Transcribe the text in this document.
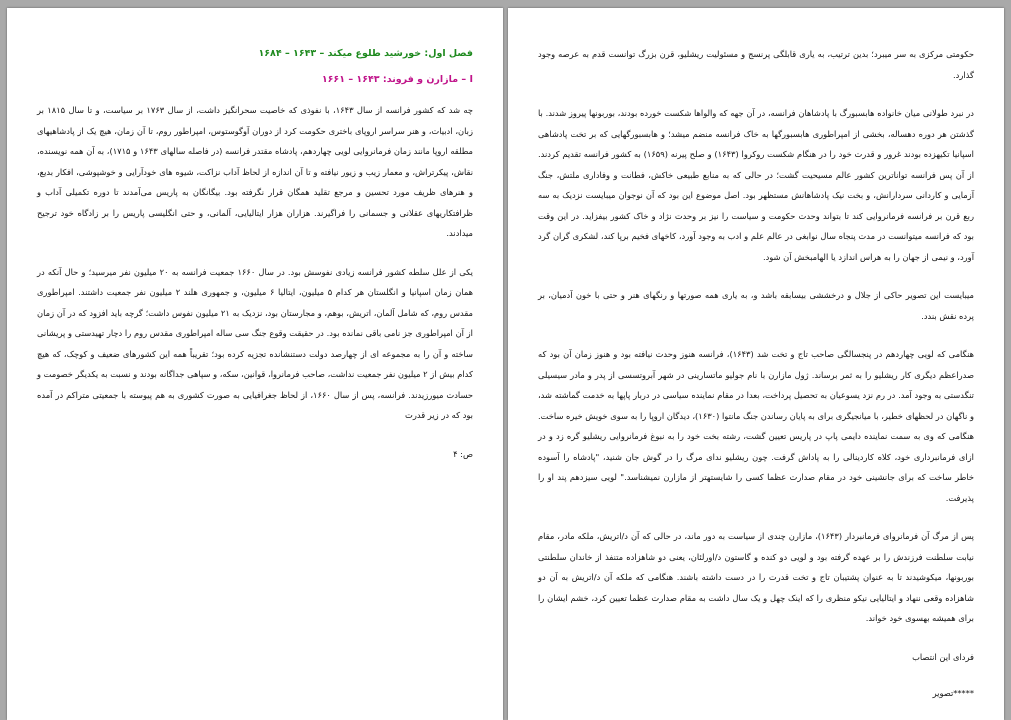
فصل اول: خورشید طلوع میکند – ۱۶۴۳ – ۱۶۸۴

I – مازارن و فروند: ۱۶۴۳ – ۱۶۶۱

چه شد که کشور فرانسه از سال ۱۶۴۳، با نفوذی که خاصیت سحرانگیز داشت، از سال ۱۷۶۳ بر سیاست، و تا سال ۱۸۱۵ بر زبان، ادبیات، و هنر سراسر اروپای باختری حکومت کرد از دوران آوگوستوس، امپراطور روم، تا آن زمان، هیچ یک از پادشاهیهای مطلقه اروپا مانند زمان فرمانروایی لویی چهاردهم، پادشاه مقتدر فرانسه (در فاصله سالهای ۱۶۴۳ و ۱۷۱۵)، به آن همه نویسنده، نقاش، پیکرتراش، و معمار زیب و زیور نیافته و تا آن اندازه از لحاظ آداب نزاکت، شیوه های خودآرایی و خوشپوشی، افکار بدیع، و هنرهای ظریف مورد تحسین و مرجع تقلید همگان قرار نگرفته بود. بیگانگان به پاریس می‌آمدند تا دوره تکمیلی آداب و ظرافتکاریهای عقلانی و جسمانی را فراگیرند. هزاران هزار ایتالیایی، آلمانی، و حتی انگلیسی پاریس را بر زادگاه خود ترجیح میدادند.

یکی از علل سلطه کشور فرانسه زیادی نفوسش بود. در سال ۱۶۶۰ جمعیت فرانسه به ۲۰ میلیون نفر میرسید؛ و حال آنکه در همان زمان اسپانیا و انگلستان هر کدام ۵ میلیون، ایتالیا ۶ میلیون، و جمهوری هلند ۲ میلیون نفر جمعیت داشتند. امپراطوری مقدس روم، که شامل آلمان، اتریش، بوهم، و مجارستان بود، نزدیک به ۲۱ میلیون نفوس داشت؛ گرچه باید افزود که در آن زمان از آن امپراطوری جز نامی باقی نمانده بود. در حقیقت وقوع جنگ سی ساله امپراطوری مقدس روم را دچار تهیدستی و پریشانی ساخته و آن را به مجموعه ای از چهارصد دولت دستنشانده تجزیه کرده بود؛ تقریباً همه این کشورهای ضعیف و کوچک، که هیچ کدام بیش از ۲ میلیون نفر جمعیت نداشت، صاحب فرمانروا، قوانین، سکه، و سپاهی جداگانه بودند و نسبت به یکدیگر خصومت و حسادت میورزیدند. فرانسه، پس از سال ۱۶۶۰، از لحاظ جغرافیایی به صورت کشوری به هم پیوسته با جمعیتی متراکم در آمده بود که در زیر قدرت

ص: ۴

حکومتی مرکزی به سر میبرد؛ بدین ترتیب، به یاری قابلگی پرنسج و مسئولیت ریشلیو، قرن بزرگ توانست قدم به عرصه وجود گذارد.

در نبرد طولانی میان خانواده هابسبورگ با پادشاهان فرانسه، در آن جهه که والواها شکست خورده بودند، بوربونها پیروز شدند. با گذشتن هر دوره دهساله، بخشی از امپراطوری هابسبورگها به خاک فرانسه منضم میشد؛ و هابسبورگهایی که بر تخت پادشاهی اسپانیا تکیهزده بودند غرور و قدرت خود را در هنگام شکست روکروا (۱۶۴۳) و صلح پیرنه (۱۶۵۹) به کشور فرانسه تقدیم کردند. از آن پس فرانسه توانا‌ترین کشور عالم مسیحیت گشت؛ در حالی که به منابع طبیعی خاکش، فطانت و وفاداری ملتش، جنگ آزمایی و کاردانی سردارانش، و بخت نیک پادشاهانش مستظهر بود. اصل موضوع این بود که آن نوجوان میبایست نزدیک به سه ربع قرن بر فرانسه فرمانروایی کند تا بتواند وحدت حکومت و سیاست را نیز بر وحدت نژاد و خاک کشور بیفزاید. در این وقت بود که فرانسه میتوانست در مدت پنجاه سال نوابغی در عالم علم و ادب به وجود آورد، کاخهای فخیم برپا کند، لشکری گران گرد آورد، و نیمی از جهان را به هراس اندازد یا الهامبخش آن شود.

میبایست این تصویر حاکی از جلال و درخششی بیسابقه باشد و، به یاری همه صورتها و رنگهای هنر و حتی با خون آدمیان، بر پرده نقش بندد.

هنگامی که لویی چهاردهم در پنجسالگی صاحب تاج و تخت شد (۱۶۴۳)، فرانسه هنوز وحدت نیافته بود و هنوز زمان آن بود که صدراعظم دیگری کار ریشلیو را به ثمر برساند. ژول مازارن با نام جولیو ماتسارینی در شهر آبروتسسی از پدر و مادر سیسیلی تنگدستی به وجود آمد. در رم نزد یسوعیان به تحصیل پرداخت، بعدا در مقام نماینده سیاسی در دربار پاپها به خدمت گماشته شد، و ناگهان در لحظهای خطیر، با میانجیگری برای به پایان رساندن جنگ مانتوا (۱۶۳۰)، دیدگان اروپا را به سوی خویش خیره ساخت. هنگامی که وی به سمت نماینده دایمی پاپ در پاریس تعیین گشت، رشته بخت خود را به نبوغ فرمانروایی ریشلیو گره زد و در ازای فرمانبرداری خود، کلاه کاردینالی را به پاداش گرفت. چون ریشلیو ندای مرگ را در گوش جان شنید، "پادشاه را آسوده خاطر ساخت که برای جانشینی خود در مقام صدارت عظما کسی را شایستهتر از مازارن نمیشناسد." لویی سیزدهم پند او را پذیرفت.

پس از مرگ آن فرمانروای فرمانبردار (۱۶۴۳)، مازارن چندی از سیاست به دور ماند، در حالی که آن د/اتریش، ملکه مادر، مقام نیابت سلطنت فرزندش را بر عهده گرفته بود و لویی دو کنده و گاستون د/اورلئان، یعنی دو شاهزاده متنفذ از خاندان سلطنتی بوربونها، میکوشیدند تا به عنوان پشتیبان تاج و تخت قدرت را در دست داشته باشند. هنگامی که ملکه آن د/اتریش به آن دو شاهزاده وقعی ننهاد و ایتالیایی نیکو منظری را که اینک چهل و یک سال داشت به مقام صدارت عظما تعیین کرد، خشم ایشان را برای همیشه بهسوی خود خواند.

فردای این انتصاب

*****تصویر
